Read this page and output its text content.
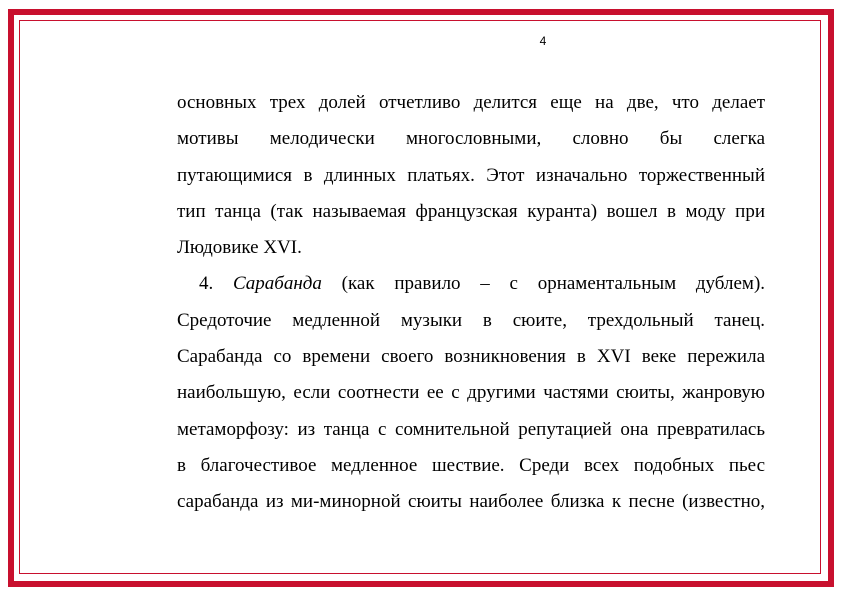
4
основных трех долей отчетливо делится еще на две, что делает
мотивы мелодически многословными, словно бы слегка
путающимися в длинных платьях. Этот изначально торжественный
тип танца (так называемая французская куранта) вошел в моду при
Людовике XVI.
4. Сарабанда (как правило – с орнаментальным дублем).
Средоточие медленной музыки в сюите, трехдольный танец.
Сарабанда со времени своего возникновения в XVI веке пережила
наибольшую, если соотнести ее с другими частями сюиты, жанровую
метаморфозу: из танца с сомнительной репутацией она превратилась
в благочестивое медленное шествие. Среди всех подобных пьес
сарабанда из ми-минорной сюиты наиболее близка к песне (известно,
